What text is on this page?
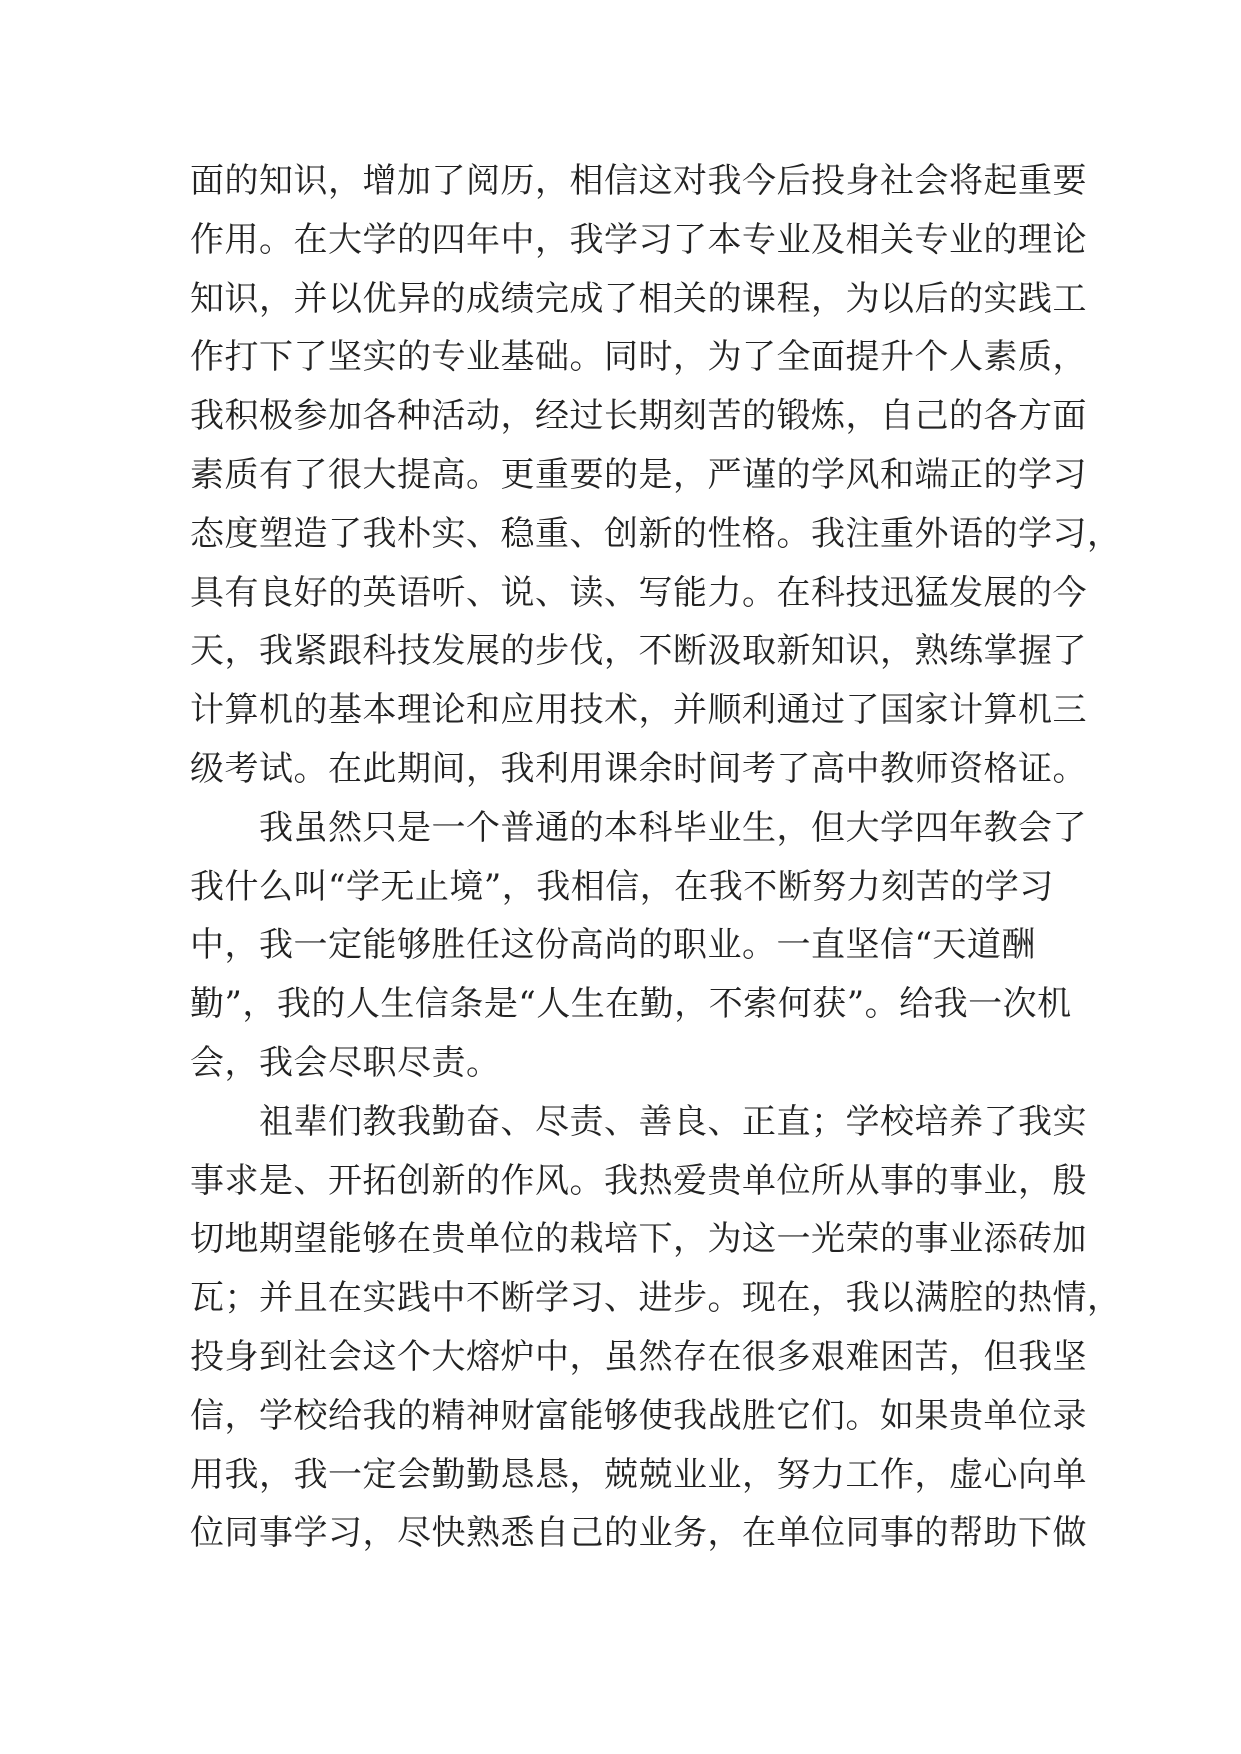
面的知识，增加了阅历，相信这对我今后投身社会将起重要
作用。在大学的四年中，我学习了本专业及相关专业的理论
知识，并以优异的成绩完成了相关的课程，为以后的实践工
作打下了坚实的专业基础。同时，为了全面提升个人素质，
我积极参加各种活动，经过长期刻苦的锻炼，自己的各方面
素质有了很大提高。更重要的是，严谨的学风和端正的学习
态度塑造了我朴实、稳重、创新的性格。我注重外语的学习，
具有良好的英语听、说、读、写能力。在科技迅猛发展的今
天，我紧跟科技发展的步伐，不断汲取新知识，熟练掌握了
计算机的基本理论和应用技术，并顺利通过了国家计算机三
级考试。在此期间，我利用课余时间考了高中教师资格证。
　　我虽然只是一个普通的本科毕业生，但大学四年教会了
我什么叫“学无止境”，我相信，在我不断努力刻苦的学习
中，我一定能够胜任这份高尚的职业。一直坚信“天道酬
勤”，我的人生信条是“人生在勤，不索何获”。给我一次机
会，我会尽职尽责。
　　祖辈们教我勤奋、尽责、善良、正直；学校培养了我实
事求是、开拓创新的作风。我热爱贵单位所从事的事业，殷
切地期望能够在贵单位的栽培下，为这一光荣的事业添砖加
瓦；并且在实践中不断学习、进步。现在，我以满腔的热情，
投身到社会这个大熔炉中，虽然存在很多艰难困苦，但我坚
信，学校给我的精神财富能够使我战胜它们。如果贵单位录
用我，我一定会勤勤恳恳，兢兢业业，努力工作，虚心向单
位同事学习，尽快熟悉自己的业务，在单位同事的帮助下做
